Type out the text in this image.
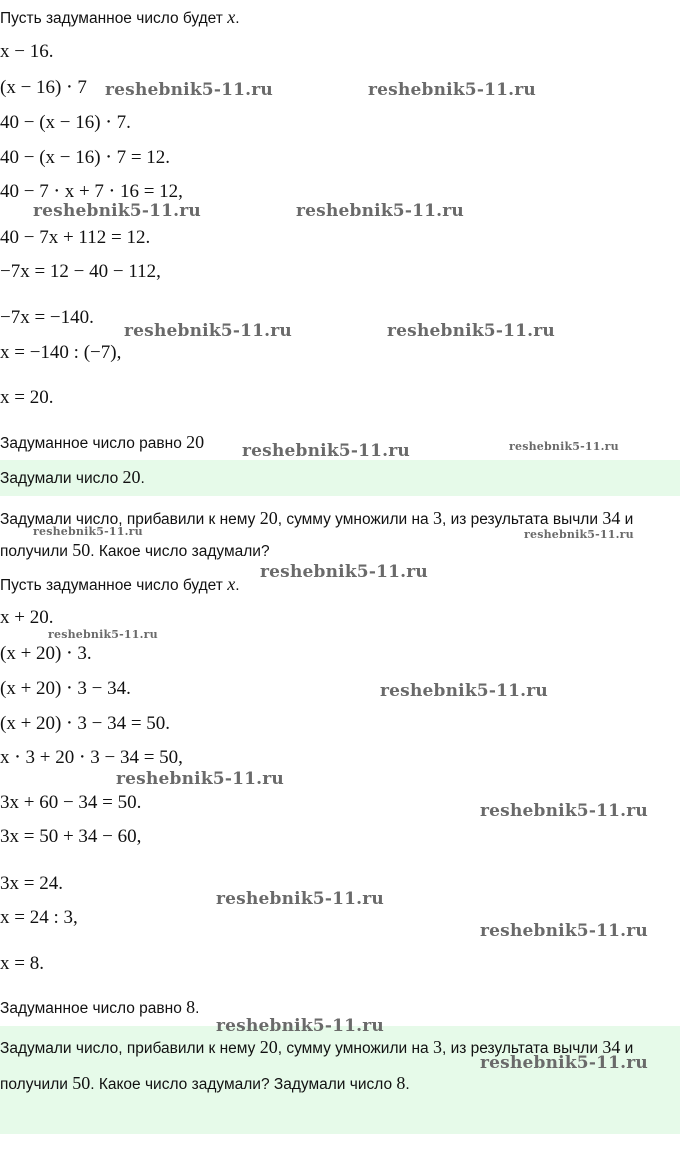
Пусть задуманное число будет x.
x − 16.
(x − 16) ⋅ 7
40 − (x − 16) ⋅ 7.
40 − (x − 16) ⋅ 7 = 12.
40 − 7 ⋅ x + 7 ⋅ 16 = 12,
40 − 7x + 112 = 12.
−7x = 12 − 40 − 112,
−7x = −140.
x = −140 : (−7),
x = 20.
Задуманное число равно 20
Задумали число 20.
Задумали число, прибавили к нему 20, сумму умножили на 3, из результата вычли 34 и получили 50. Какое число задумали?
Пусть задуманное число будет x.
x + 20.
(x + 20) ⋅ 3.
(x + 20) ⋅ 3 − 34.
(x + 20) ⋅ 3 − 34 = 50.
x ⋅ 3 + 20 ⋅ 3 − 34 = 50,
3x + 60 − 34 = 50.
3x = 50 + 34 − 60,
3x = 24.
x = 24 : 3,
x = 8.
Задуманное число равно 8.
Задумали число, прибавили к нему 20, сумму умножили на 3, из результата вычли 34 и получили 50. Какое число задумали? Задумали число 8.
reshebnik5-11.ru	reshebnik5-11.ru
reshebnik5-11.ru	reshebnik5-11.ru
reshebnik5-11.ru	reshebnik5-11.ru
reshebnik5-11.ru	reshebnik5-11.ru
reshebnik5-11.ru	reshebnik5-11.ru
reshebnik5-11.ru
reshebnik5-11.ru
reshebnik5-11.ru
reshebnik5-11.ru
reshebnik5-11.ru
reshebnik5-11.ru
reshebnik5-11.ru
reshebnik5-11.ru
reshebnik5-11.ru
